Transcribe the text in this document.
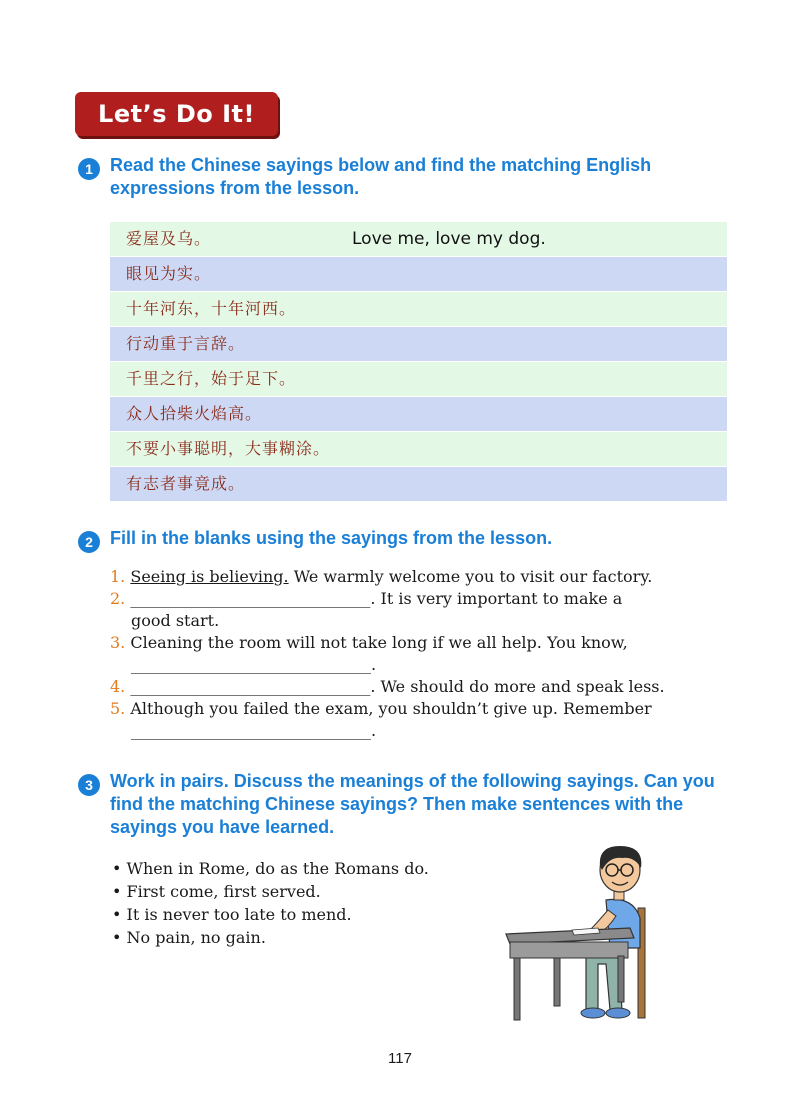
Let’s Do It!
1 Read the Chinese sayings below and find the matching English expressions from the lesson.
爱屋及乌。	Love me, love my dog.
眼见为实。
十年河东，十年河西。
行动重于言辞。
千里之行，始于足下。
众人拾柴火焰高。
不要小事聪明，大事糊涂。
有志者事竟成。
2 Fill in the blanks using the sayings from the lesson.
1. Seeing is believing. We warmly welcome you to visit our factory.
2. ______________________________. It is very important to make a
good start.
3. Cleaning the room will not take long if we all help. You know,
______________________________.
4. ______________________________. We should do more and speak less.
5. Although you failed the exam, you shouldn’t give up. Remember
______________________________.
3 Work in pairs. Discuss the meanings of the following sayings. Can you find the matching Chinese sayings? Then make sentences with the sayings you have learned.
• When in Rome, do as the Romans do.
• First come, first served.
• It is never too late to mend.
• No pain, no gain.
117
